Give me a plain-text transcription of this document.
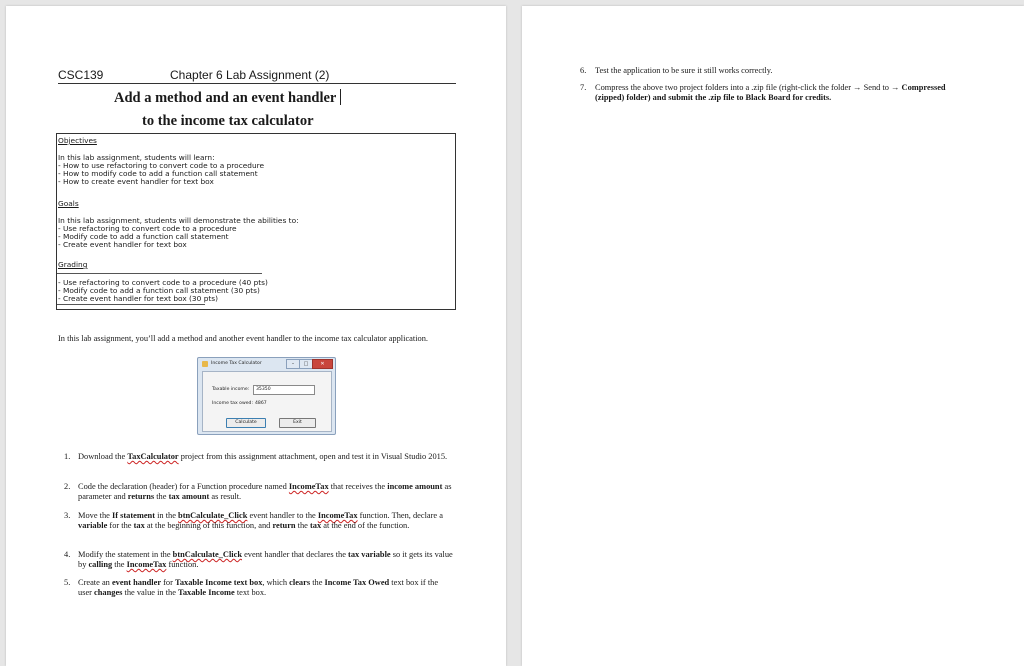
CSC139	Chapter 6 Lab Assignment (2)
Add a method and an event handler
to the income tax calculator
Objectives
In this lab assignment, students will learn:
- How to use refactoring to convert code to a procedure
- How to modify code to add a function call statement
- How to create event handler for text box
Goals
In this lab assignment, students will demonstrate the abilities to:
- Use refactoring to convert code to a procedure
- Modify code to add a function call statement
- Create event handler for text box
Grading
- Use refactoring to convert code to a procedure (40 pts)
- Modify code to add a function call statement (30 pts)
- Create event handler for text box (30 pts)
In this lab assignment, you’ll add a method and another event handler to the income tax calculator application.
Income Tax Calculator	–	□	✕
Taxable income:	35350
Income tax owed: 4867
Calculate	Exit
1. Download the TaxCalculator project from this assignment attachment, open and test it in Visual Studio 2015.
2. Code the declaration (header) for a Function procedure named IncomeTax that receives the income amount as parameter and returns the tax amount as result.
3. Move the If statement in the btnCalculate_Click event handler to the IncomeTax function. Then, declare a variable for the tax at the beginning of this function, and return the tax at the end of the function.
4. Modify the statement in the btnCalculate_Click event handler that declares the tax variable so it gets its value by calling the IncomeTax function.
5. Create an event handler for Taxable Income text box, which clears the Income Tax Owed text box if the user changes the value in the Taxable Income text box.
6. Test the application to be sure it still works correctly.
7. Compress the above two project folders into a .zip file (right-click the folder → Send to → Compressed (zipped) folder) and submit the .zip file to Black Board for credits.
